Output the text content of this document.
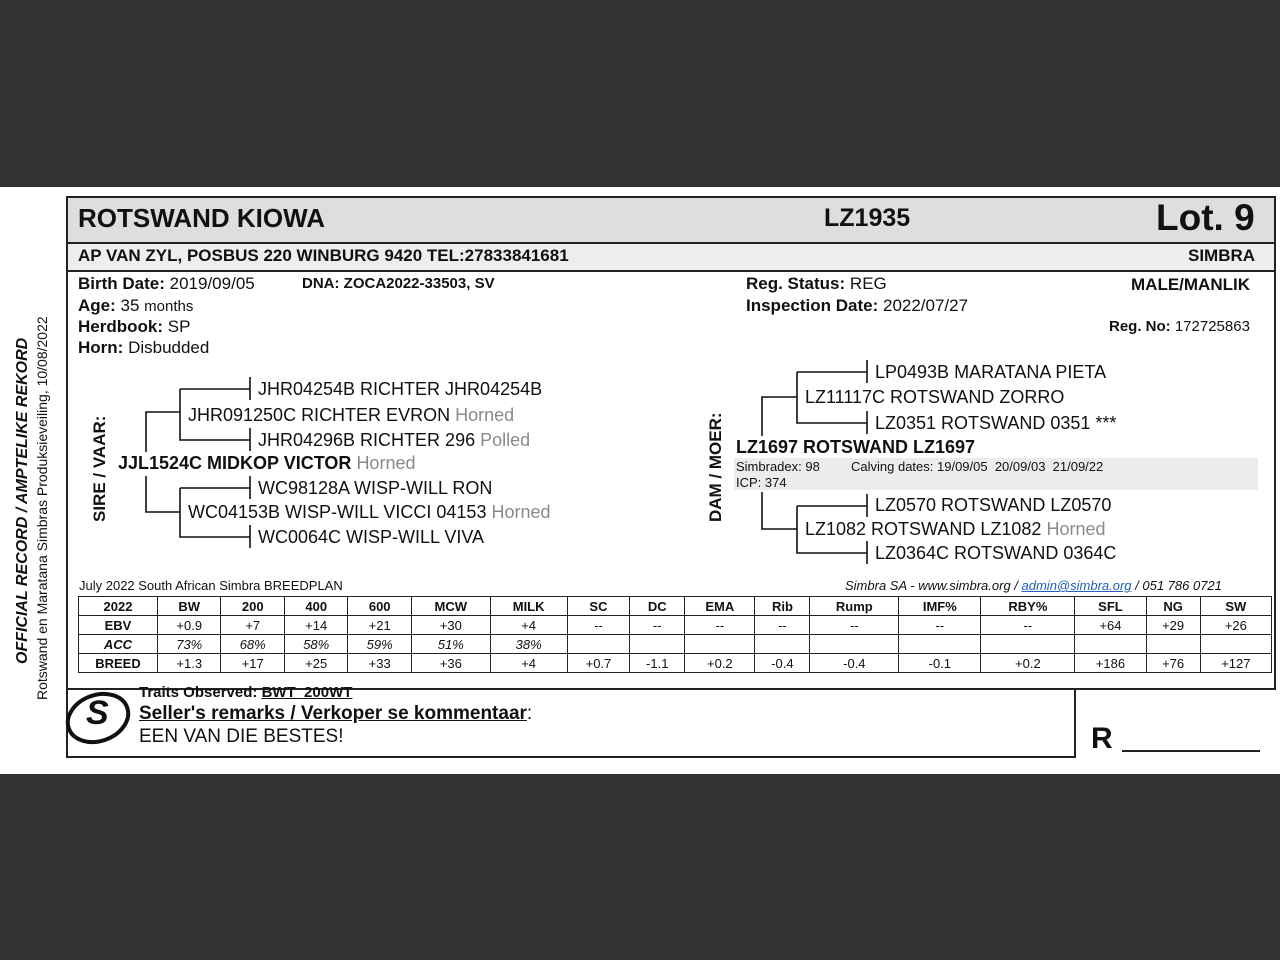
OFFICIAL RECORD / AMPTELIKE REKORD Rotswand en Maratana Simbras Produksieveiling, 10/08/2022
ROTSWAND KIOWA	LZ1935	Lot. 9
AP VAN ZYL, POSBUS 220 WINBURG 9420 TEL:27833841681	SIMBRA
Birth Date: 2019/09/05	DNA: ZOCA2022-33503, SV
Age: 35 months
Herdbook: SP
Horn: Disbudded
Reg. Status: REG
Inspection Date: 2022/07/27
MALE/MANLIK
Reg. No: 172725863
SIRE / VAAR:
JHR04254B RICHTER JHR04254B
JHR091250C RICHTER EVRON Horned
JHR04296B RICHTER 296 Polled
JJL1524C MIDKOP VICTOR Horned
WC98128A WISP-WILL RON
WC04153B WISP-WILL VICCI 04153 Horned
WC0064C WISP-WILL VIVA
DAM / MOER:
LP0493B MARATANA PIETA
LZ11117C ROTSWAND ZORRO
LZ0351 ROTSWAND 0351 ***
LZ1697 ROTSWAND LZ1697
Simbradex: 98 Calving dates: 19/09/05  20/09/03  21/09/22
ICP: 374
LZ0570 ROTSWAND LZ0570
LZ1082 ROTSWAND LZ1082 Horned
LZ0364C ROTSWAND 0364C
July 2022 South African Simbra BREEDPLAN	Simbra SA - www.simbra.org / admin@simbra.org / 051 786 0721
2022	BW	200	400	600	MCW	MILK	SC	DC	EMA	Rib	Rump	IMF%	RBY%	SFL	NG	SW
EBV	+0.9	+7	+14	+21	+30	+4	--	--	--	--	--	--	--	+64	+29	+26
ACC	73%	68%	58%	59%	51%	38%										
BREED	+1.3	+17	+25	+33	+36	+4	+0.7	-1.1	+0.2	-0.4	-0.4	-0.1	+0.2	+186	+76	+127
S
Traits Observed: BWT  200WT
Seller's remarks / Verkoper se kommentaar:
EEN VAN DIE BESTES!	R
